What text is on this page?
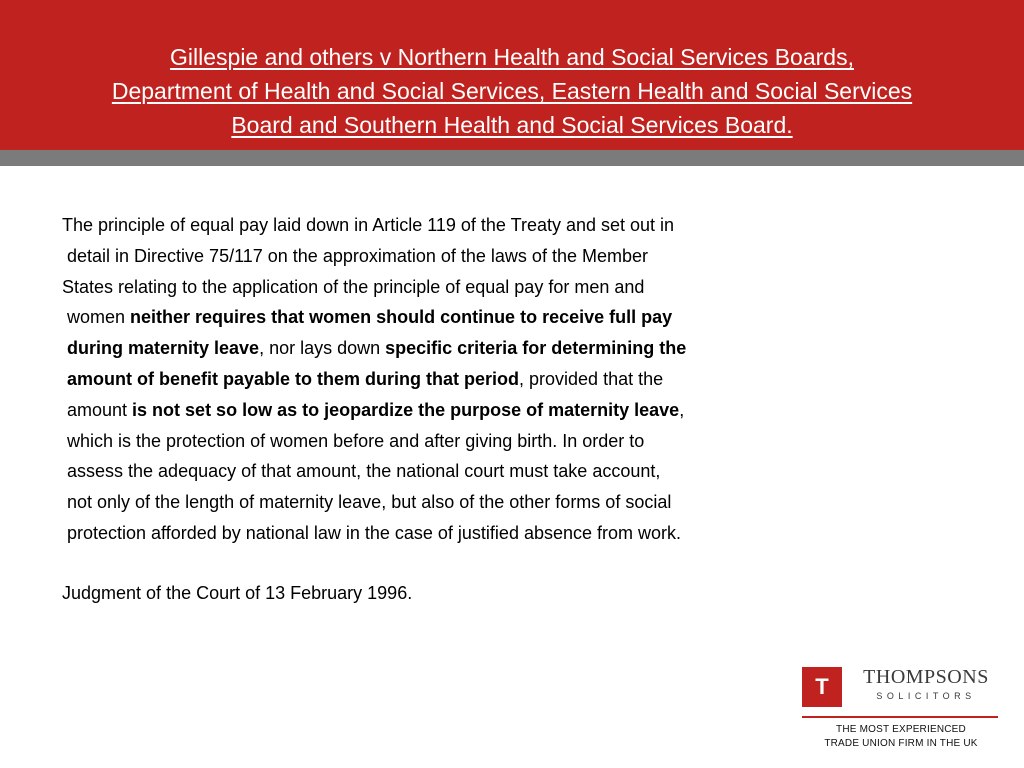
Gillespie and others v Northern Health and Social Services Boards,
Department of Health and Social Services, Eastern Health and Social Services
Board and Southern Health and Social Services Board.
The principle of equal pay laid down in Article 119 of the Treaty and set out in
detail in Directive 75/117 on the approximation of the laws of the Member
States relating to the application of the principle of equal pay for men and
women neither requires that women should continue to receive full pay
during maternity leave, nor lays down specific criteria for determining the
amount of benefit payable to them during that period, provided that the
amount is not set so low as to jeopardize the purpose of maternity leave,
which is the protection of women before and after giving birth. In order to
assess the adequacy of that amount, the national court must take account,
not only of the length of maternity leave, but also of the other forms of social
protection afforded by national law in the case of justified absence from work.
Judgment of the Court of 13 February 1996.
T	THOMPSONS
SOLICITORS
THE MOST EXPERIENCED
TRADE UNION FIRM IN THE UK
